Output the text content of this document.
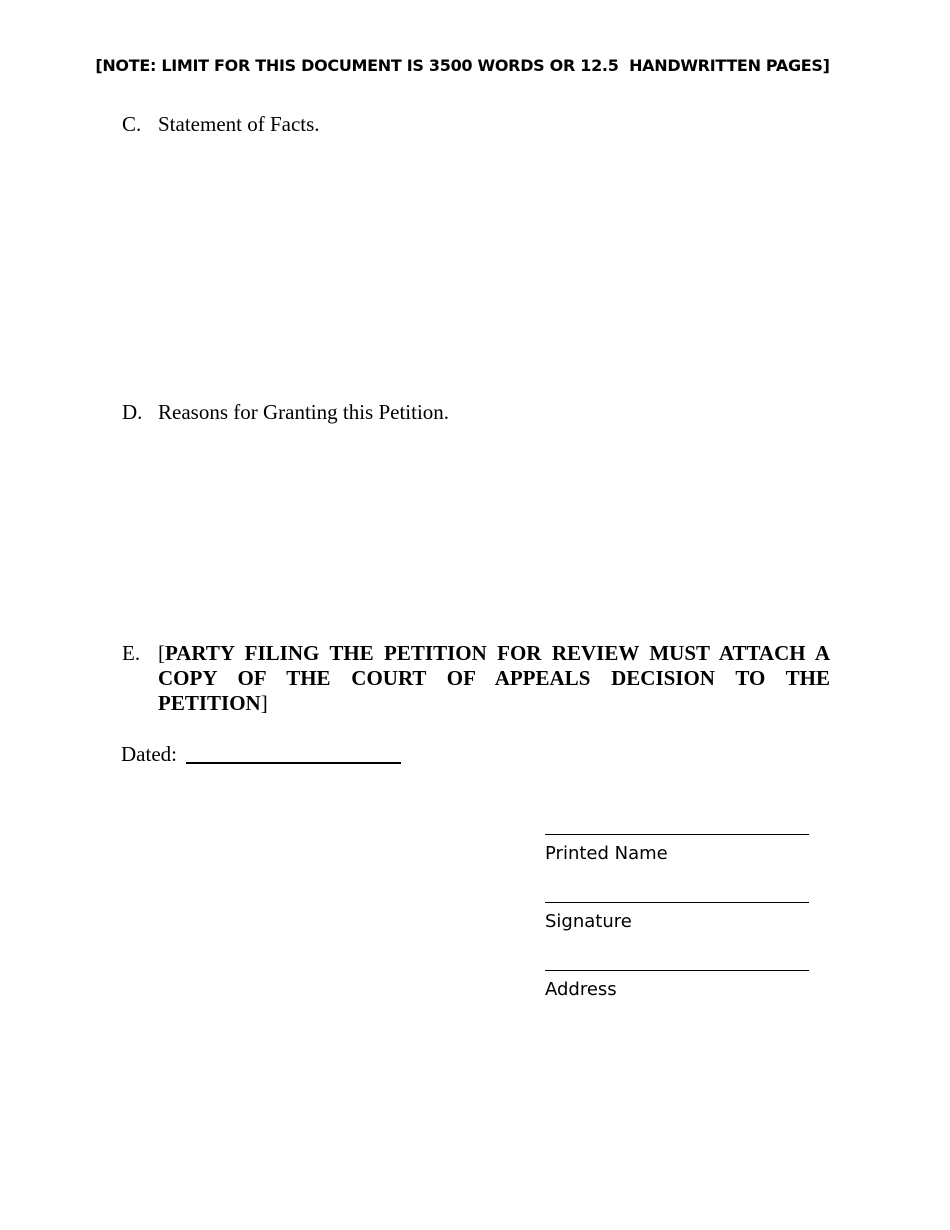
[NOTE: LIMIT FOR THIS DOCUMENT IS 3500 WORDS OR 12.5  HANDWRITTEN PAGES]
C. Statement of Facts.
D. Reasons for Granting this Petition.
E. [PARTY FILING THE PETITION FOR REVIEW MUST ATTACH A COPY OF THE COURT OF APPEALS DECISION TO THE PETITION]
Dated:
Printed Name
Signature
Address
